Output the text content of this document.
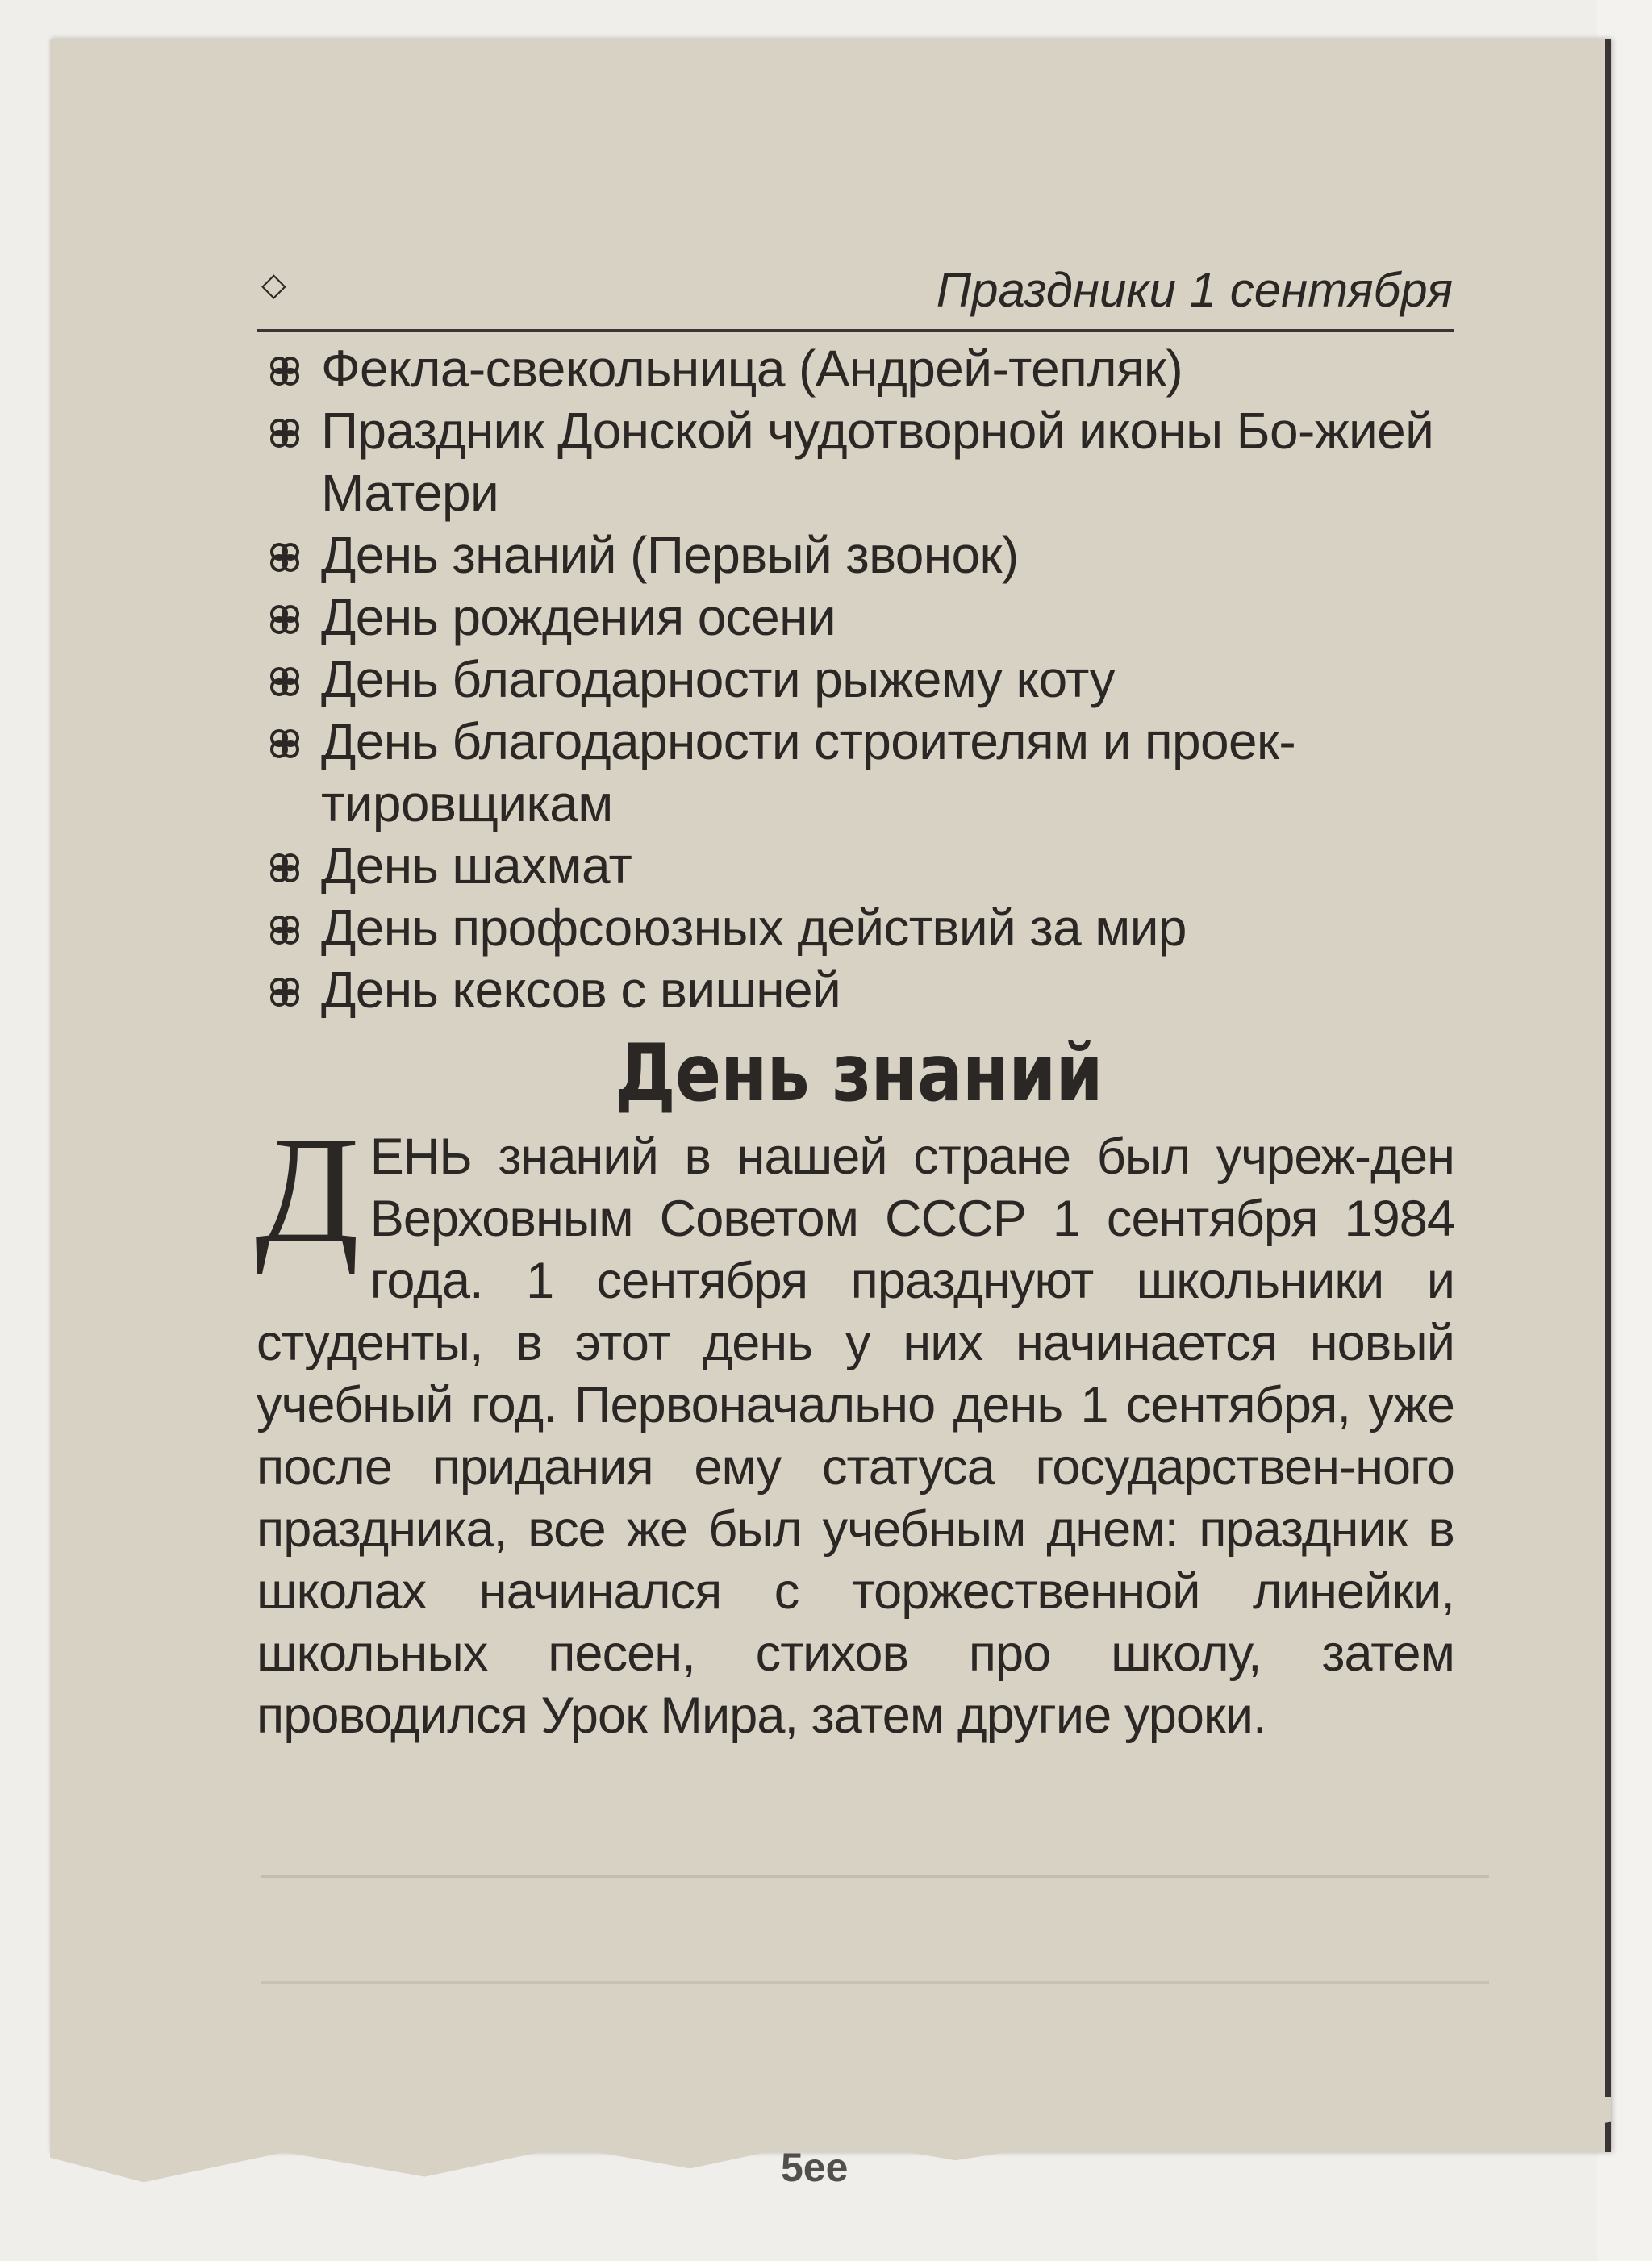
◇	Праздники 1 сентября
Фекла-свекольница (Андрей-тепляк)
Праздник Донской чудотворной иконы Бо-жией Матери
День знаний (Первый звонок)
День рождения осени
День благодарности рыжему коту
День благодарности строителям и проек-тировщикам
День шахмат
День профсоюзных действий за мир
День кексов с вишней
День знаний

ДЕНЬ знаний в нашей стране был учреж-ден Верховным Советом СССР 1 сентября 1984 года. 1 сентября празднуют школьники и студенты, в этот день у них начинается новый учебный год. Первоначально день 1 сентября, уже после придания ему статуса государствен-ного праздника, все же был учебным днем: праздник в школах начинался с торжественной линейки, школьных песен, стихов про школу, затем проводился Урок Мира, затем другие уроки.

5ee
